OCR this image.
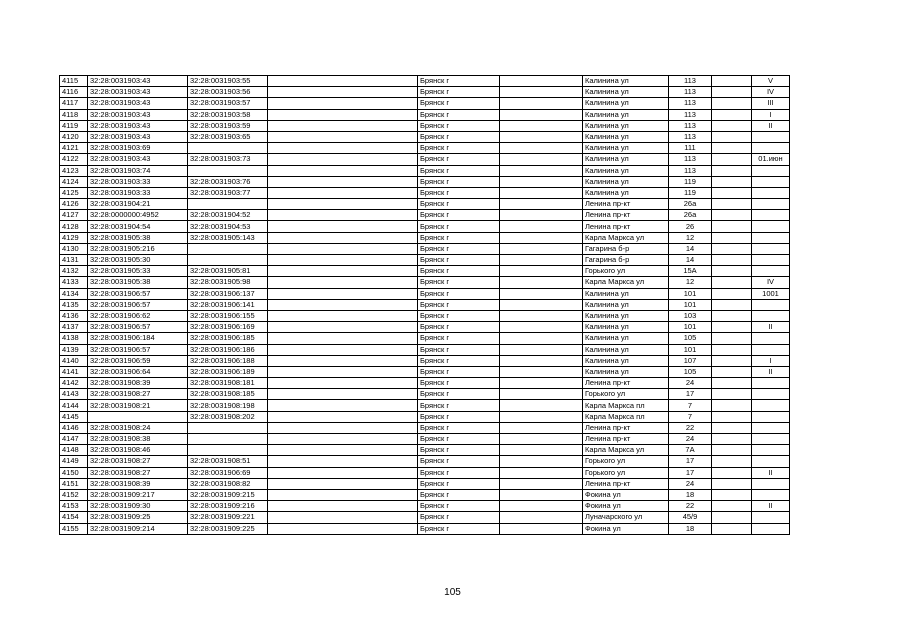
4115	32:28:0031903:43	32:28:0031903:55		Брянск г		Калинина ул	113		V
4116	32:28:0031903:43	32:28:0031903:56		Брянск г		Калинина ул	113		IV
4117	32:28:0031903:43	32:28:0031903:57		Брянск г		Калинина ул	113		III
4118	32:28:0031903:43	32:28:0031903:58		Брянск г		Калинина ул	113		I
4119	32:28:0031903:43	32:28:0031903:59		Брянск г		Калинина ул	113		II
4120	32:28:0031903:43	32:28:0031903:65		Брянск г		Калинина ул	113		
4121	32:28:0031903:69			Брянск г		Калинина ул	111		
4122	32:28:0031903:43	32:28:0031903:73		Брянск г		Калинина ул	113		01.июн
4123	32:28:0031903:74			Брянск г		Калинина ул	113		
4124	32:28:0031903:33	32:28:0031903:76		Брянск г		Калинина ул	119		
4125	32:28:0031903:33	32:28:0031903:77		Брянск г		Калинина ул	119		
4126	32:28:0031904:21			Брянск г		Ленина пр-кт	26а		
4127	32:28:0000000:4952	32:28:0031904:52		Брянск г		Ленина пр-кт	26а		
4128	32:28:0031904:54	32:28:0031904:53		Брянск г		Ленина пр-кт	26		
4129	32:28:0031905:38	32:28:0031905:143		Брянск г		Карла Маркса ул	12		
4130	32:28:0031905:216			Брянск г		Гагарина б-р	14		
4131	32:28:0031905:30			Брянск г		Гагарина б-р	14		
4132	32:28:0031905:33	32:28:0031905:81		Брянск г		Горького ул	15А		
4133	32:28:0031905:38	32:28:0031905:98		Брянск г		Карла Маркса ул	12		IV
4134	32:28:0031906:57	32:28:0031906:137		Брянск г		Калинина ул	101		1001
4135	32:28:0031906:57	32:28:0031906:141		Брянск г		Калинина ул	101		
4136	32:28:0031906:62	32:28:0031906:155		Брянск г		Калинина ул	103		
4137	32:28:0031906:57	32:28:0031906:169		Брянск г		Калинина ул	101		II
4138	32:28:0031906:184	32:28:0031906:185		Брянск г		Калинина ул	105		
4139	32:28:0031906:57	32:28:0031906:186		Брянск г		Калинина ул	101		
4140	32:28:0031906:59	32:28:0031906:188		Брянск г		Калинина ул	107		I
4141	32:28:0031906:64	32:28:0031906:189		Брянск г		Калинина ул	105		II
4142	32:28:0031908:39	32:28:0031908:181		Брянск г		Ленина пр-кт	24		
4143	32:28:0031908:27	32:28:0031908:185		Брянск г		Горького ул	17		
4144	32:28:0031908:21	32:28:0031908:198		Брянск г		Карла Маркса пл	7		
4145		32:28:0031908:202		Брянск г		Карла Маркса пл	7		
4146	32:28:0031908:24			Брянск г		Ленина пр-кт	22		
4147	32:28:0031908:38			Брянск г		Ленина пр-кт	24		
4148	32:28:0031908:46			Брянск г		Карла Маркса ул	7А		
4149	32:28:0031908:27	32:28:0031908:51		Брянск г		Горького ул	17		
4150	32:28:0031908:27	32:28:0031906:69		Брянск г		Горького ул	17		II
4151	32:28:0031908:39	32:28:0031908:82		Брянск г		Ленина пр-кт	24		
4152	32:28:0031909:217	32:28:0031909:215		Брянск г		Фокина ул	18		
4153	32:28:0031909:30	32:28:0031909:216		Брянск г		Фокина ул	22		II
4154	32:28:0031909:25	32:28:0031909:221		Брянск г		Луначарского ул	45/9		
4155	32:28:0031909:214	32:28:0031909:225		Брянск г		Фокина ул	18		
105
